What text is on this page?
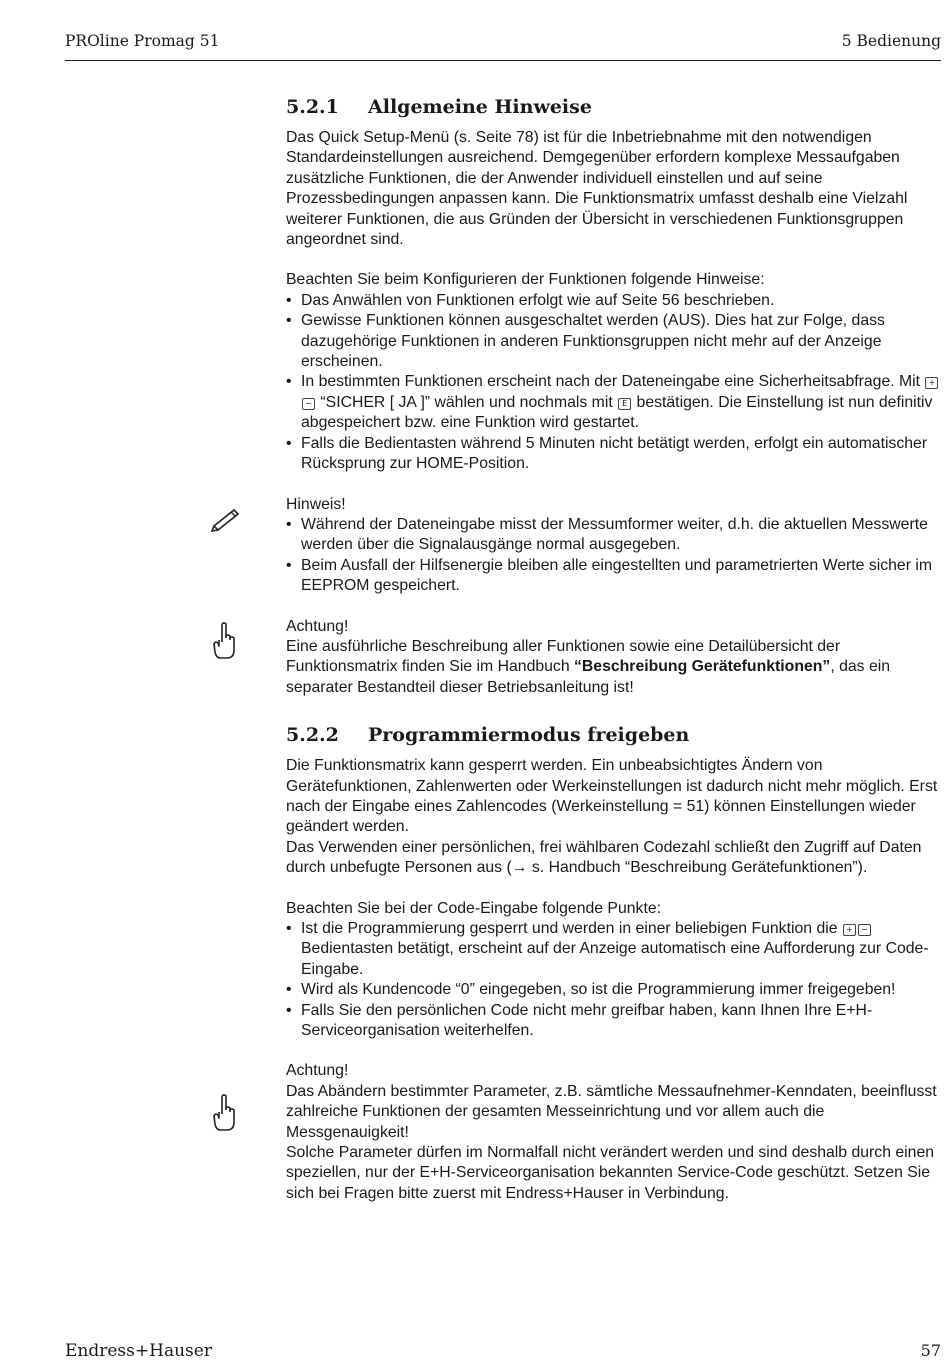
PROline Promag 51	5 Bedienung
5.2.1	Allgemeine Hinweise

Das Quick Setup-Menü (s. Seite 78) ist für die Inbetriebnahme mit den notwendigen Standardeinstellungen ausreichend. Demgegenüber erfordern komplexe Messaufgaben zusätzliche Funktionen, die der Anwender individuell einstellen und auf seine Prozessbedingungen anpassen kann. Die Funktionsmatrix umfasst deshalb eine Vielzahl weiterer Funktionen, die aus Gründen der Übersicht in verschiedenen Funktionsgruppen angeordnet sind.

Beachten Sie beim Konfigurieren der Funktionen folgende Hinweise:

• Das Anwählen von Funktionen erfolgt wie auf Seite 56 beschrieben.
• Gewisse Funktionen können ausgeschaltet werden (AUS). Dies hat zur Folge, dass dazugehörige Funktionen in anderen Funktionsgruppen nicht mehr auf der Anzeige erscheinen.
• In bestimmten Funktionen erscheint nach der Dateneingabe eine Sicherheitsabfrage. Mit +− “SICHER [ JA ]” wählen und nochmals mit E bestätigen. Die Einstellung ist nun definitiv abgespeichert bzw. eine Funktion wird gestartet.
• Falls die Bedientasten während 5 Minuten nicht betätigt werden, erfolgt ein automatischer Rücksprung zur HOME-Position.

Hinweis!

• Während der Dateneingabe misst der Messumformer weiter, d.h. die aktuellen Messwerte werden über die Signalausgänge normal ausgegeben.
• Beim Ausfall der Hilfsenergie bleiben alle eingestellten und parametrierten Werte sicher im EEPROM gespeichert.

Achtung!

Eine ausführliche Beschreibung aller Funktionen sowie eine Detailübersicht der Funktionsmatrix finden Sie im Handbuch “Beschreibung Gerätefunktionen”, das ein separater Bestandteil dieser Betriebsanleitung ist!

5.2.2	Programmiermodus freigeben

Die Funktionsmatrix kann gesperrt werden. Ein unbeabsichtigtes Ändern von Gerätefunktionen, Zahlenwerten oder Werkeinstellungen ist dadurch nicht mehr möglich. Erst nach der Eingabe eines Zahlencodes (Werkeinstellung = 51) können Einstellungen wieder geändert werden.

Das Verwenden einer persönlichen, frei wählbaren Codezahl schließt den Zugriff auf Daten durch unbefugte Personen aus (→ s. Handbuch “Beschreibung Gerätefunktionen”).

Beachten Sie bei der Code-Eingabe folgende Punkte:

• Ist die Programmierung gesperrt und werden in einer beliebigen Funktion die + − Bedientasten betätigt, erscheint auf der Anzeige automatisch eine Aufforderung zur Code-Eingabe.
• Wird als Kundencode “0” eingegeben, so ist die Programmierung immer freigegeben!
• Falls Sie den persönlichen Code nicht mehr greifbar haben, kann Ihnen Ihre E+H-Serviceorganisation weiterhelfen.

Achtung!

Das Abändern bestimmter Parameter, z.B. sämtliche Messaufnehmer-Kenndaten, beeinflusst zahlreiche Funktionen der gesamten Messeinrichtung und vor allem auch die Messgenauigkeit!

Solche Parameter dürfen im Normalfall nicht verändert werden und sind deshalb durch einen speziellen, nur der E+H-Serviceorganisation bekannten Service-Code geschützt. Setzen Sie sich bei Fragen bitte zuerst mit Endress+Hauser in Verbindung.

Endress+Hauser	57
